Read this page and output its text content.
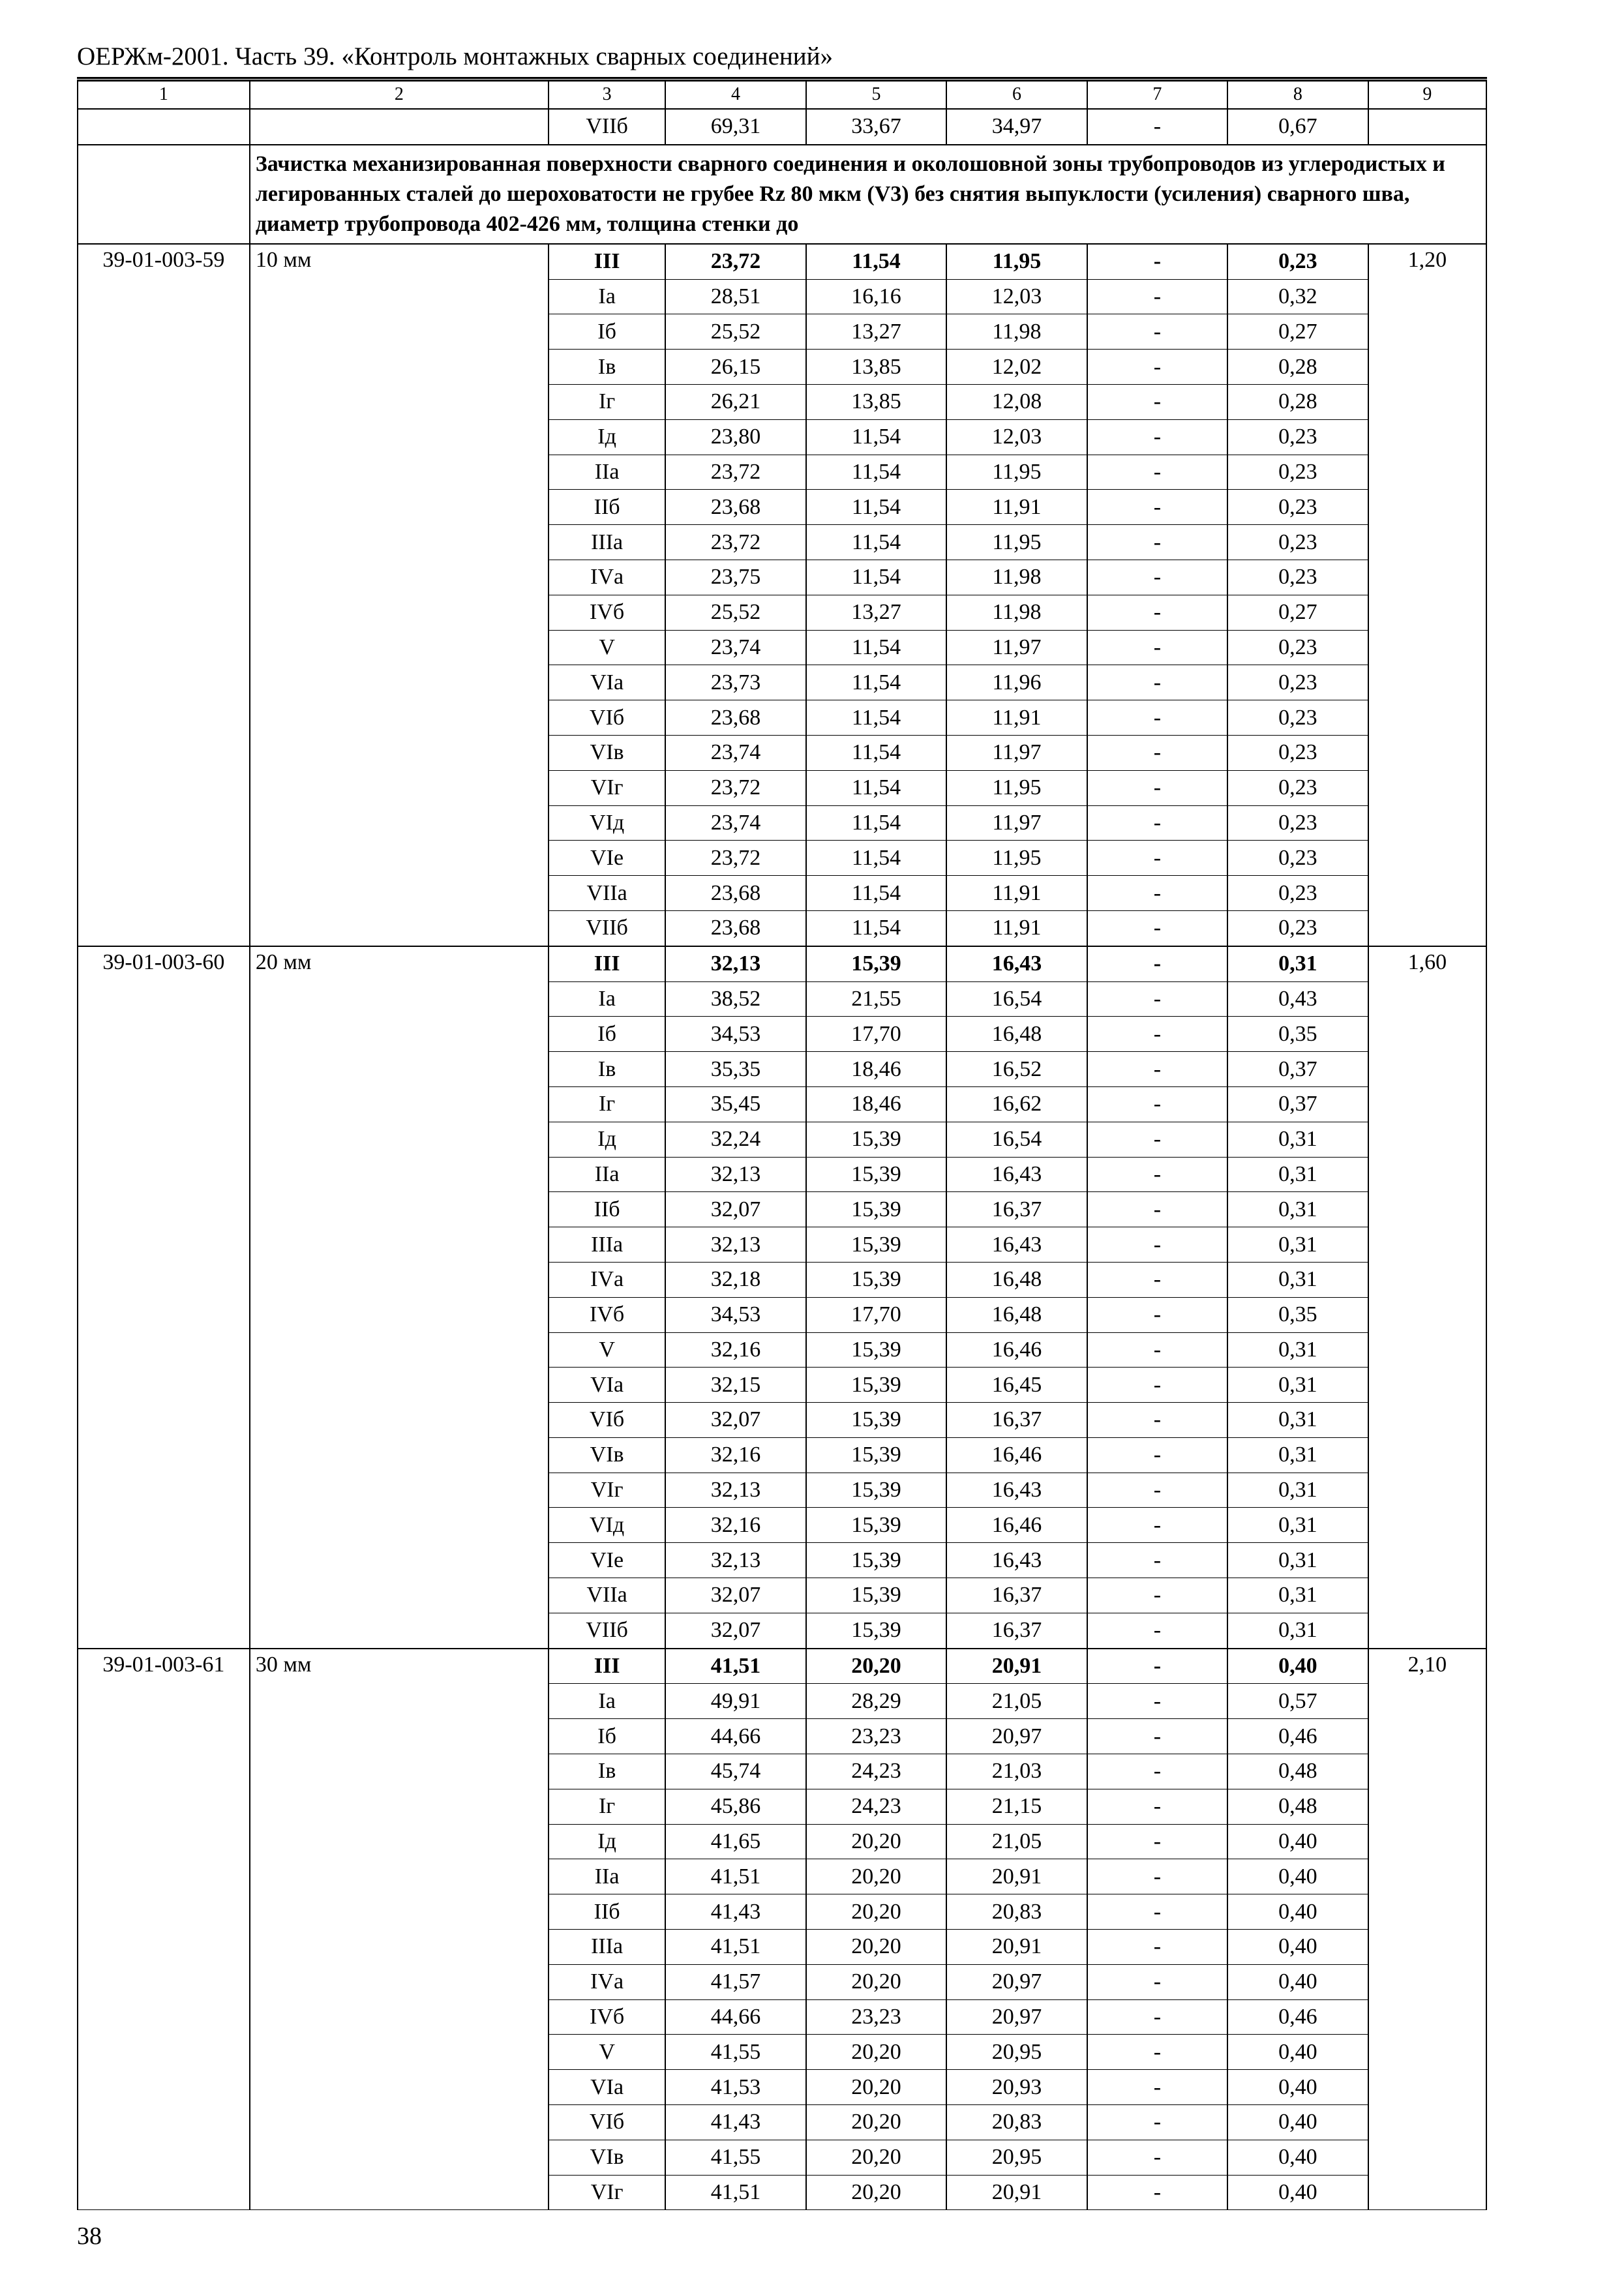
ОЕРЖм-2001. Часть 39. «Контроль монтажных сварных соединений»
1	2	3	4	5	6	7	8	9
		VIIб	69,31	33,67	34,97	-	0,67	
	Зачистка механизированная поверхности сварного соединения и околошовной зоны трубопроводов из углеродистых и легированных сталей до шероховатости не грубее Rz 80 мкм (V3) без снятия выпуклости (усиления) сварного шва, диаметр трубопровода 402-426 мм, толщина стенки до							
39-01-003-59	10 мм	III	23,72	11,54	11,95	-	0,23	1,20
		Iа	28,51	16,16	12,03	-	0,32	
		Iб	25,52	13,27	11,98	-	0,27	
		Iв	26,15	13,85	12,02	-	0,28	
		Iг	26,21	13,85	12,08	-	0,28	
		Iд	23,80	11,54	12,03	-	0,23	
		IIа	23,72	11,54	11,95	-	0,23	
		IIб	23,68	11,54	11,91	-	0,23	
		IIIа	23,72	11,54	11,95	-	0,23	
		IVа	23,75	11,54	11,98	-	0,23	
		IVб	25,52	13,27	11,98	-	0,27	
		V	23,74	11,54	11,97	-	0,23	
		VIа	23,73	11,54	11,96	-	0,23	
		VIб	23,68	11,54	11,91	-	0,23	
		VIв	23,74	11,54	11,97	-	0,23	
		VIг	23,72	11,54	11,95	-	0,23	
		VIд	23,74	11,54	11,97	-	0,23	
		VIе	23,72	11,54	11,95	-	0,23	
		VIIа	23,68	11,54	11,91	-	0,23	
		VIIб	23,68	11,54	11,91	-	0,23	
39-01-003-60	20 мм	III	32,13	15,39	16,43	-	0,31	1,60
		Iа	38,52	21,55	16,54	-	0,43	
		Iб	34,53	17,70	16,48	-	0,35	
		Iв	35,35	18,46	16,52	-	0,37	
		Iг	35,45	18,46	16,62	-	0,37	
		Iд	32,24	15,39	16,54	-	0,31	
		IIа	32,13	15,39	16,43	-	0,31	
		IIб	32,07	15,39	16,37	-	0,31	
		IIIа	32,13	15,39	16,43	-	0,31	
		IVа	32,18	15,39	16,48	-	0,31	
		IVб	34,53	17,70	16,48	-	0,35	
		V	32,16	15,39	16,46	-	0,31	
		VIа	32,15	15,39	16,45	-	0,31	
		VIб	32,07	15,39	16,37	-	0,31	
		VIв	32,16	15,39	16,46	-	0,31	
		VIг	32,13	15,39	16,43	-	0,31	
		VIд	32,16	15,39	16,46	-	0,31	
		VIе	32,13	15,39	16,43	-	0,31	
		VIIа	32,07	15,39	16,37	-	0,31	
		VIIб	32,07	15,39	16,37	-	0,31	
39-01-003-61	30 мм	III	41,51	20,20	20,91	-	0,40	2,10
		Iа	49,91	28,29	21,05	-	0,57	
		Iб	44,66	23,23	20,97	-	0,46	
		Iв	45,74	24,23	21,03	-	0,48	
		Iг	45,86	24,23	21,15	-	0,48	
		Iд	41,65	20,20	21,05	-	0,40	
		IIа	41,51	20,20	20,91	-	0,40	
		IIб	41,43	20,20	20,83	-	0,40	
		IIIа	41,51	20,20	20,91	-	0,40	
		IVа	41,57	20,20	20,97	-	0,40	
		IVб	44,66	23,23	20,97	-	0,46	
		V	41,55	20,20	20,95	-	0,40	
		VIа	41,53	20,20	20,93	-	0,40	
		VIб	41,43	20,20	20,83	-	0,40	
		VIв	41,55	20,20	20,95	-	0,40	
		VIг	41,51	20,20	20,91	-	0,40	
38
